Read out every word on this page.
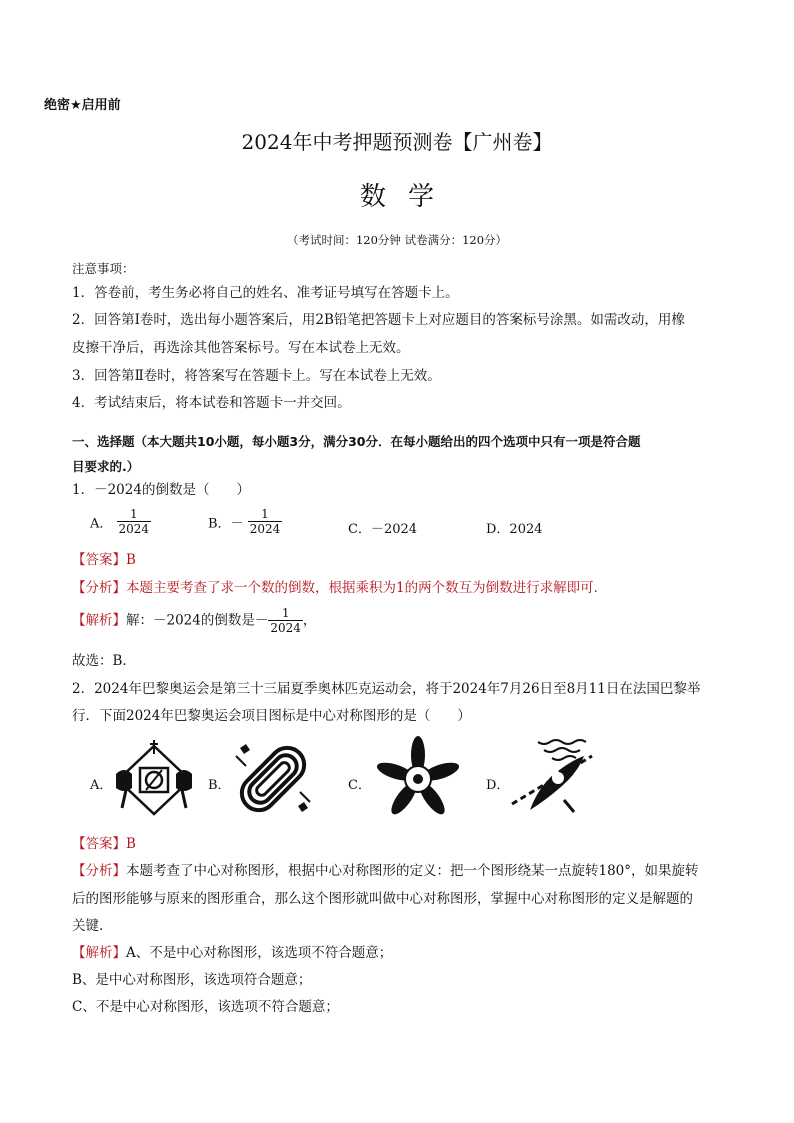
绝密★启用前
2024年中考押题预测卷【广州卷】
数学
（考试时间：120分钟 试卷满分：120分）
注意事项：
1．答卷前，考生务必将自己的姓名、准考证号填写在答题卡上。
2．回答第Ⅰ卷时，选出每小题答案后，用2B铅笔把答题卡上对应题目的答案标号涂黑。如需改动，用橡
皮擦干净后，再选涂其他答案标号。写在本试卷上无效。
3．回答第Ⅱ卷时，将答案写在答题卡上。写在本试卷上无效。
4．考试结束后，将本试卷和答题卡一并交回。
一、选择题（本大题共10小题，每小题3分，满分30分．在每小题给出的四个选项中只有一项是符合题
目要求的.）
1．－2024的倒数是（　　）
A． $\frac{1}{2024}$	B．－ $\frac{1}{2024}$	C．－2024	D．2024
【答案】B
【分析】本题主要考查了求一个数的倒数，根据乘积为1的两个数互为倒数进行求解即可．
【解析】解：－2024的倒数是－ $\frac{1}{2024}$ ，
故选：B．
2．2024年巴黎奥运会是第三十三届夏季奥林匹克运动会，将于2024年7月26日至8月11日在法国巴黎举
行．下面2024年巴黎奥运会项目图标是中心对称图形的是（　　）
A．	B．	C．	D．
【答案】B
【分析】本题考查了中心对称图形，根据中心对称图形的定义：把一个图形绕某一点旋转180°，如果旋转
后的图形能够与原来的图形重合，那么这个图形就叫做中心对称图形，掌握中心对称图形的定义是解题的
关键．
【解析】A、不是中心对称图形，该选项不符合题意；
B、是中心对称图形，该选项符合题意；
C、不是中心对称图形，该选项不符合题意；
